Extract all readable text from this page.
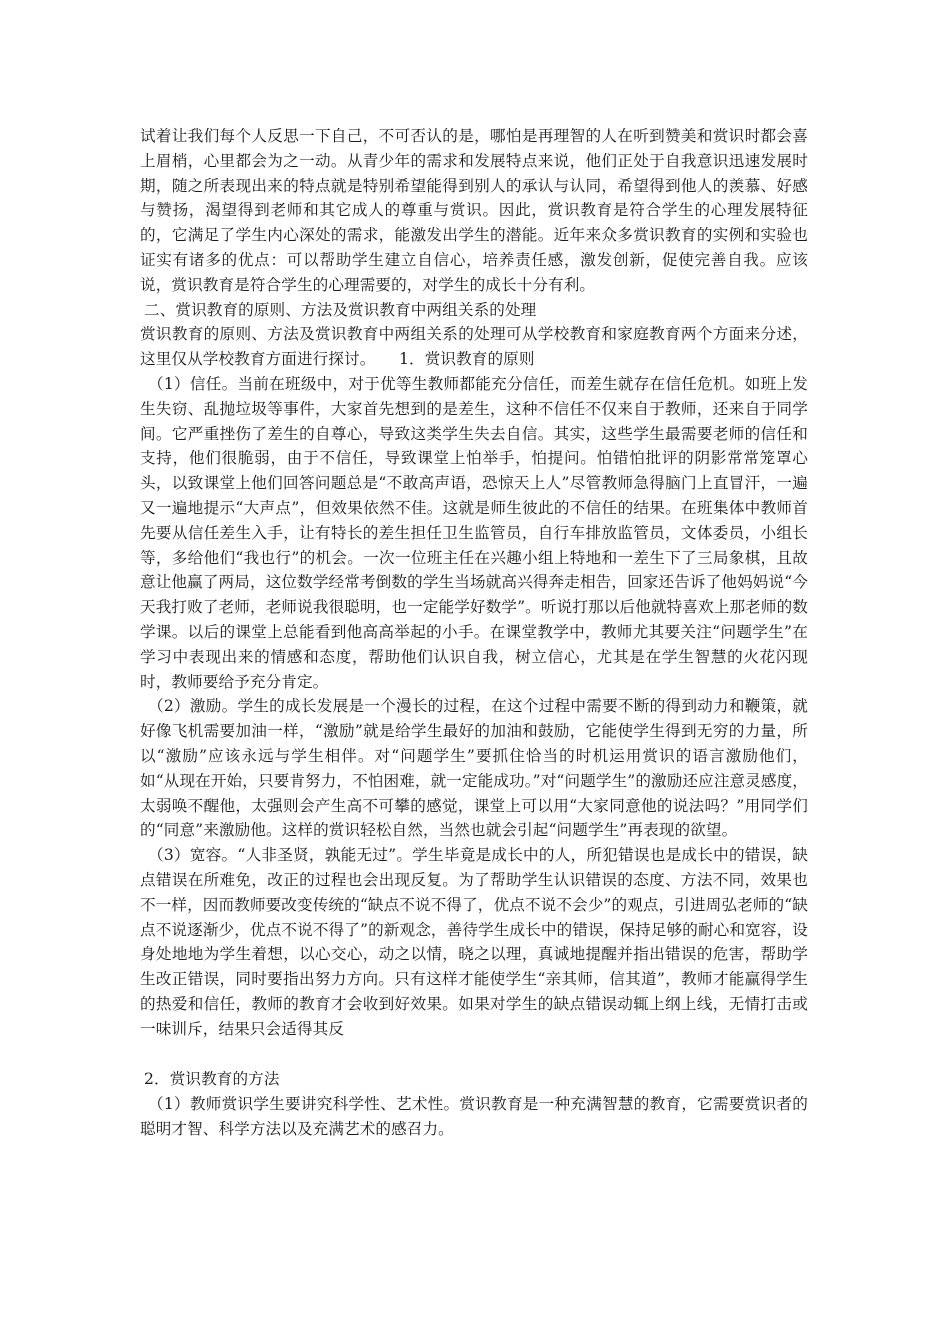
试着让我们每个人反思一下自己，不可否认的是，哪怕是再理智的人在听到赞美和赏识时都会喜上眉梢，心里都会为之一动。从青少年的需求和发展特点来说，他们正处于自我意识迅速发展时期，随之所表现出来的特点就是特别希望能得到别人的承认与认同，希望得到他人的羡慕、好感与赞扬，渴望得到老师和其它成人的尊重与赏识。因此，赏识教育是符合学生的心理发展特征的，它满足了学生内心深处的需求，能激发出学生的潜能。近年来众多赏识教育的实例和实验也证实有诸多的优点：可以帮助学生建立自信心，培养责任感，激发创新，促使完善自我。应该说，赏识教育是符合学生的心理需要的，对学生的成长十分有利。

二、赏识教育的原则、方法及赏识教育中两组关系的处理

赏识教育的原则、方法及赏识教育中两组关系的处理可从学校教育和家庭教育两个方面来分述，这里仅从学校教育方面进行探讨。　　1．赏识教育的原则

（1）信任。当前在班级中，对于优等生教师都能充分信任，而差生就存在信任危机。如班上发生失窃、乱抛垃圾等事件，大家首先想到的是差生，这种不信任不仅来自于教师，还来自于同学间。它严重挫伤了差生的自尊心，导致这类学生失去自信。其实，这些学生最需要老师的信任和支持，他们很脆弱，由于不信任，导致课堂上怕举手，怕提问。怕错怕批评的阴影常常笼罩心头，以致课堂上他们回答问题总是“不敢高声语，恐惊天上人”尽管教师急得脑门上直冒汗，一遍又一遍地提示“大声点”，但效果依然不佳。这就是师生彼此的不信任的结果。在班集体中教师首先要从信任差生入手，让有特长的差生担任卫生监管员，自行车排放监管员，文体委员，小组长等，多给他们“我也行”的机会。一次一位班主任在兴趣小组上特地和一差生下了三局象棋，且故意让他赢了两局，这位数学经常考倒数的学生当场就高兴得奔走相告，回家还告诉了他妈妈说“今天我打败了老师，老师说我很聪明，也一定能学好数学”。听说打那以后他就特喜欢上那老师的数学课。以后的课堂上总能看到他高高举起的小手。在课堂教学中，教师尤其要关注“问题学生”在学习中表现出来的情感和态度，帮助他们认识自我，树立信心，尤其是在学生智慧的火花闪现时，教师要给予充分肯定。

（2）激励。学生的成长发展是一个漫长的过程，在这个过程中需要不断的得到动力和鞭策，就好像飞机需要加油一样，“激励”就是给学生最好的加油和鼓励，它能使学生得到无穷的力量，所以“激励”应该永远与学生相伴。对“问题学生”要抓住恰当的时机运用赏识的语言激励他们，如“从现在开始，只要肯努力，不怕困难，就一定能成功。”对“问题学生”的激励还应注意灵感度，太弱唤不醒他，太强则会产生高不可攀的感觉，课堂上可以用“大家同意他的说法吗？”用同学们的“同意”来激励他。这样的赏识轻松自然，当然也就会引起“问题学生”再表现的欲望。

（3）宽容。“人非圣贤，孰能无过”。学生毕竟是成长中的人，所犯错误也是成长中的错误，缺点错误在所难免，改正的过程也会出现反复。为了帮助学生认识错误的态度、方法不同，效果也不一样，因而教师要改变传统的“缺点不说不得了，优点不说不会少”的观点，引进周弘老师的“缺点不说逐渐少，优点不说不得了”的新观念，善待学生成长中的错误，保持足够的耐心和宽容，设身处地地为学生着想，以心交心，动之以情，晓之以理，真诚地提醒并指出错误的危害，帮助学生改正错误，同时要指出努力方向。只有这样才能使学生“亲其师，信其道”，教师才能赢得学生的热爱和信任，教师的教育才会收到好效果。如果对学生的缺点错误动辄上纲上线，无情打击或一味训斥，结果只会适得其反

2．赏识教育的方法

（1）教师赏识学生要讲究科学性、艺术性。赏识教育是一种充满智慧的教育，它需要赏识者的聪明才智、科学方法以及充满艺术的感召力。
